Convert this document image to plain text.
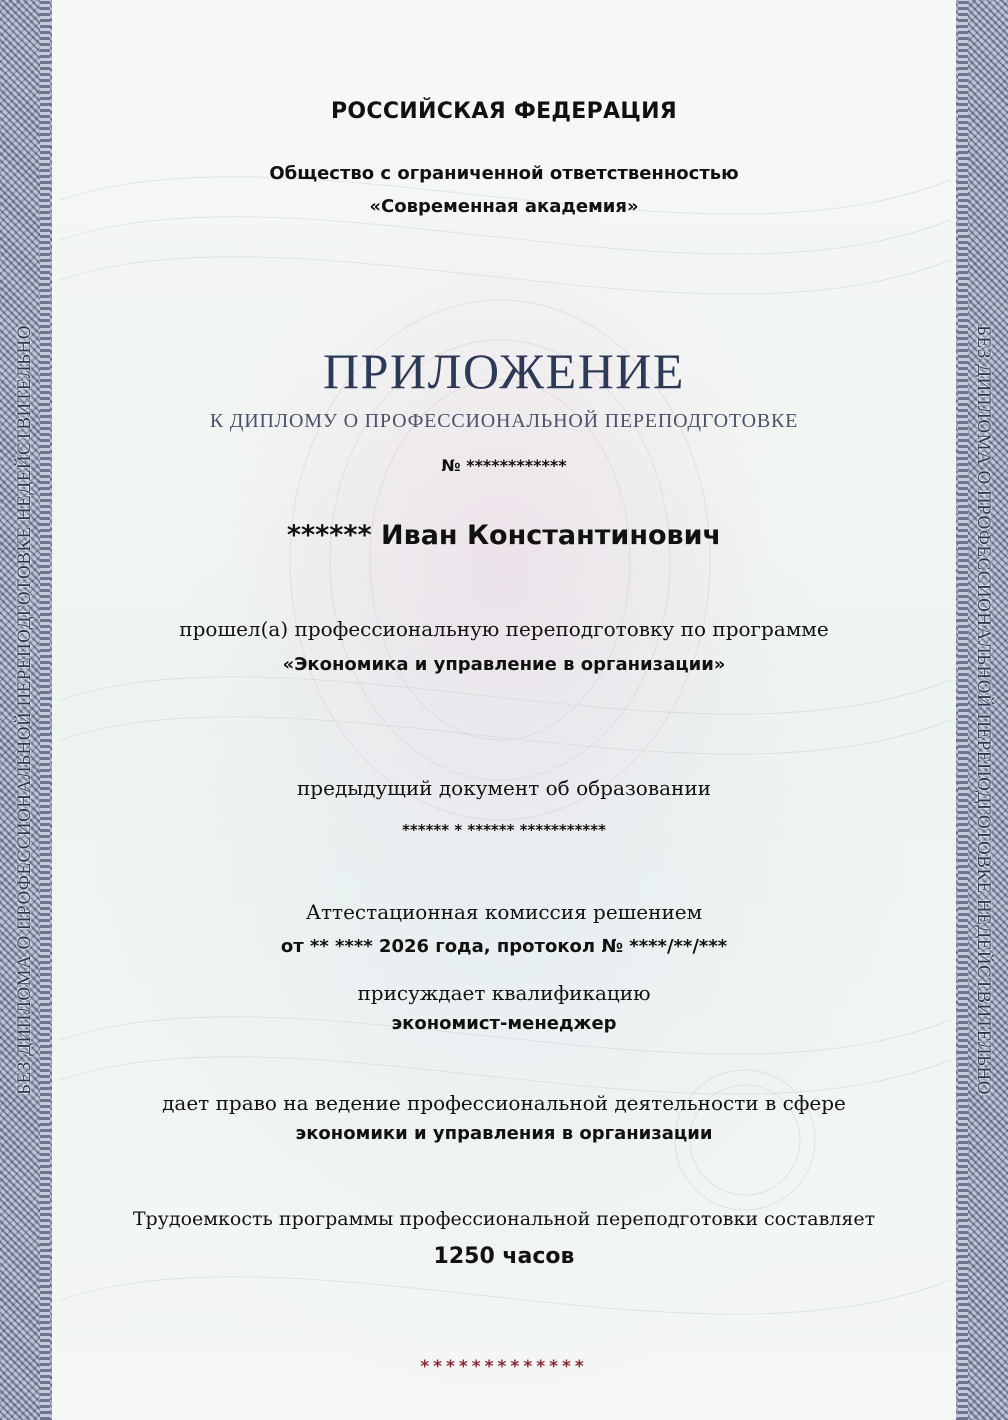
БЕЗ ДИПЛОМА О ПРОФЕССИОНАЛЬНОЙ ПЕРЕПОДГОТОВКЕ НЕДЕЙСТВИТЕЛЬНО	БЕЗ ДИПЛОМА О ПРОФЕССИОНАЛЬНОЙ ПЕРЕПОДГОТОВКЕ НЕДЕЙСТВИТЕЛЬНО
РОССИЙСКАЯ ФЕДЕРАЦИЯ
Общество с ограниченной ответственностью
«Современная академия»
ПРИЛОЖЕНИЕ
К ДИПЛОМУ О ПРОФЕССИОНАЛЬНОЙ ПЕРЕПОДГОТОВКЕ
№ ************
****** Иван Константинович
прошел(а) профессиональную переподготовку по программе
«Экономика и управление в организации»
предыдущий документ об образовании
****** * ****** ***********
Аттестационная комиссия решением
от ** **** 2026 года, протокол № ****/**/***
присуждает квалификацию
экономист-менеджер
дает право на ведение профессиональной деятельности в сфере
экономики и управления в организации
Трудоемкость программы профессиональной переподготовки составляет
1250 часов
*************
